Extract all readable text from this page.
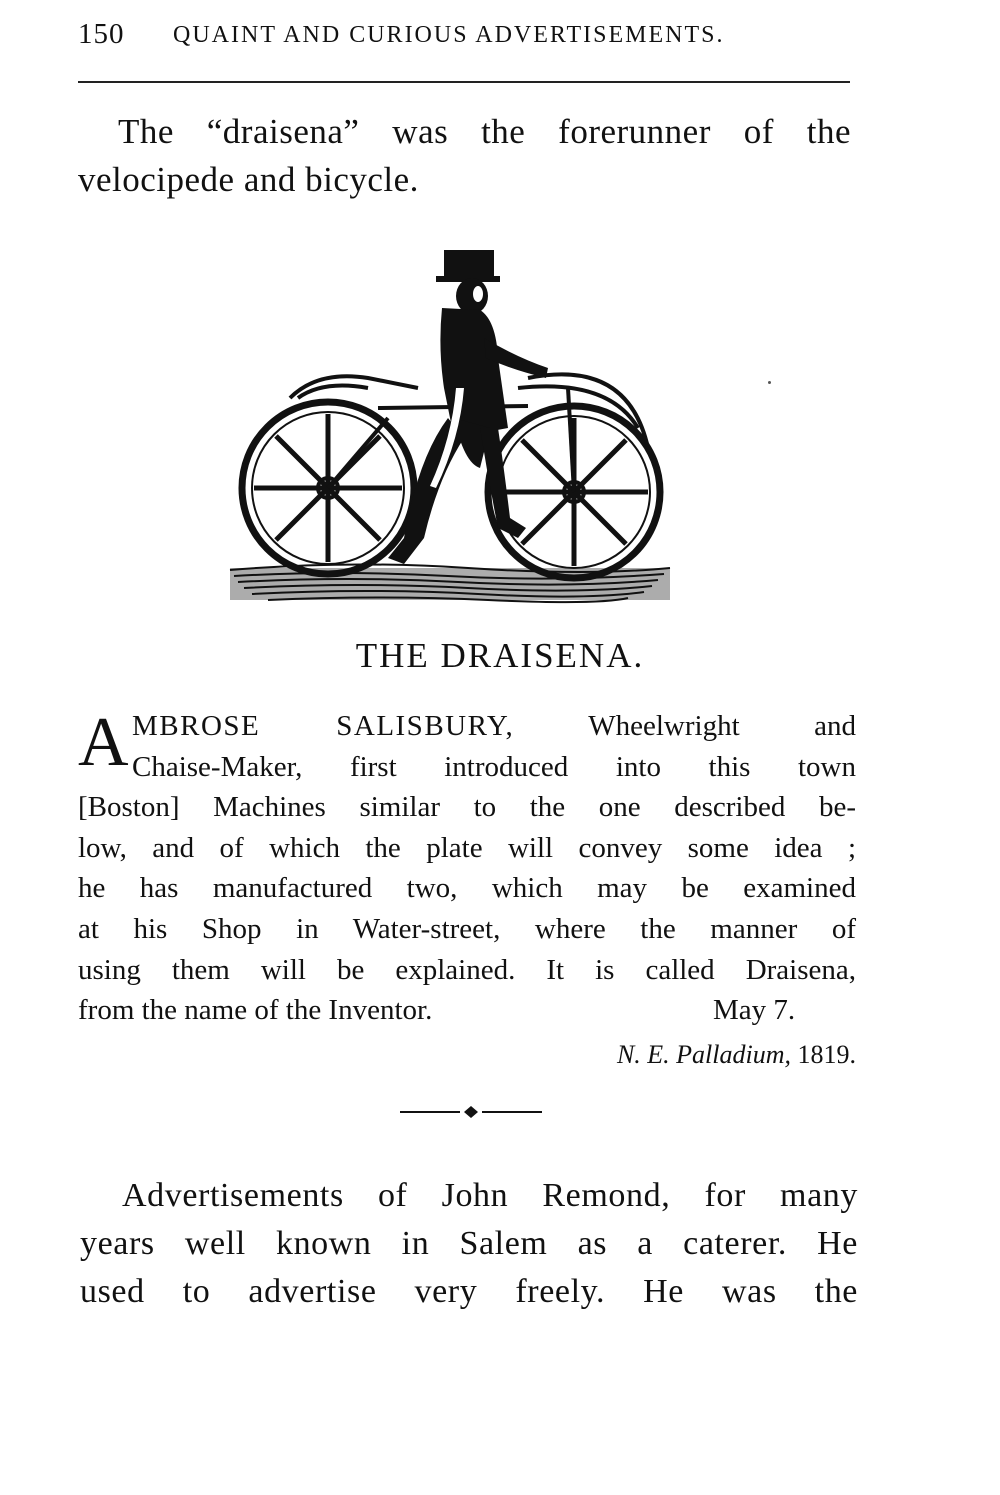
150 QUAINT AND CURIOUS ADVERTISEMENTS.
The “draisena” was the forerunner of the velocipede and bicycle.
THE DRAISENA.
A MBROSE SALISBURY, Wheelwright and
Chaise-Maker, first introduced into this town
[Boston] Machines similar to the one described be-
low, and of which the plate will convey some idea ;
he has manufactured two, which may be examined
at his Shop in Water-street, where the manner of
using them will be explained. It is called Draisena,
from the name of the Inventor.	May 7.
N. E. Palladium, 1819.
Advertisements of John Remond, for many
years well known in Salem as a caterer. He
used to advertise very freely. He was the
